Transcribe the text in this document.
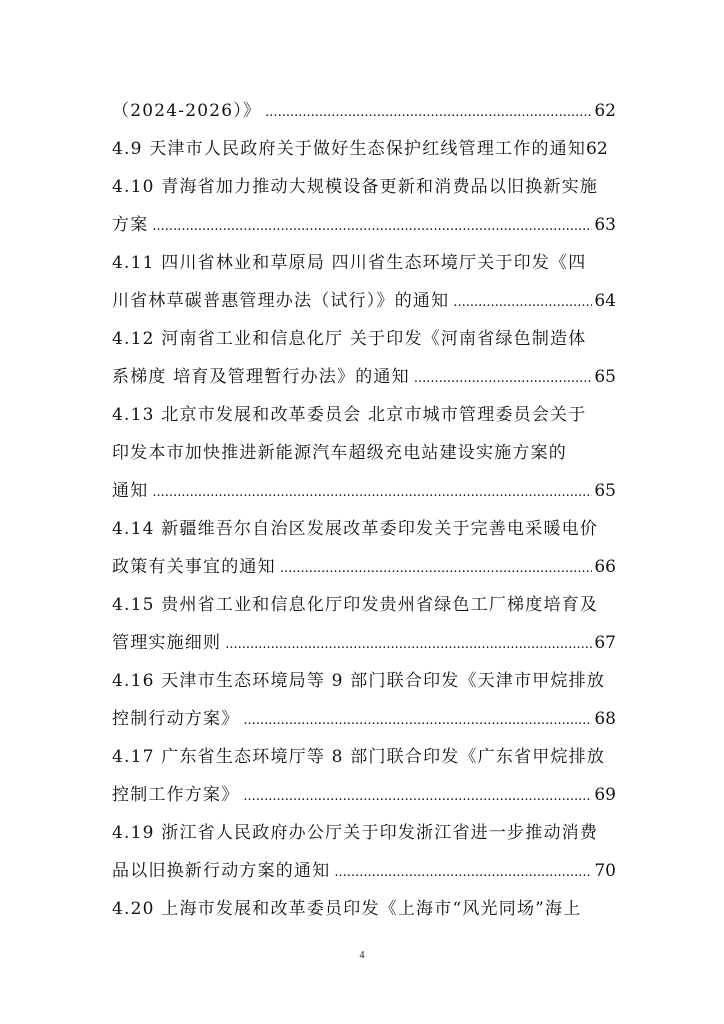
（2024-2026）》 .....	62
4.9 天津市人民政府关于做好生态保护红线管理工作的通知 62
4.10 青海省加力推动大规模设备更新和消费品以旧换新实施
方案 .....	63
4.11 四川省林业和草原局 四川省生态环境厅关于印发《四
川省林草碳普惠管理办法（试行）》的通知 .....	64
4.12 河南省工业和信息化厅 关于印发《河南省绿色制造体
系梯度 培育及管理暂行办法》的通知 .....	65
4.13 北京市发展和改革委员会 北京市城市管理委员会关于
印发本市加快推进新能源汽车超级充电站建设实施方案的
通知 .....	65
4.14 新疆维吾尔自治区发展改革委印发关于完善电采暖电价
政策有关事宜的通知 .....	66
4.15 贵州省工业和信息化厅印发贵州省绿色工厂梯度培育及
管理实施细则 .....	67
4.16 天津市生态环境局等 9 部门联合印发《天津市甲烷排放
控制行动方案》 .....	68
4.17 广东省生态环境厅等 8 部门联合印发《广东省甲烷排放
控制工作方案》 .....	69
4.19 浙江省人民政府办公厅关于印发浙江省进一步推动消费
品以旧换新行动方案的通知 .....	70
4.20 上海市发展和改革委员印发《上海市“风光同场”海上
4
